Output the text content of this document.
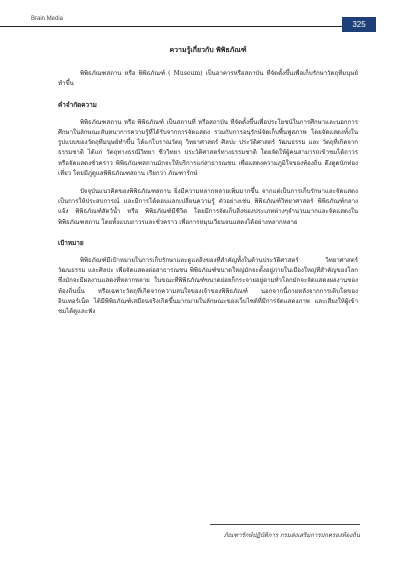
Brain Media
325
ความรู้เกี่ยวกับ พิพิธภัณฑ์

พิพิธภัณฑสถาน หรือ พิพิธภัณฑ์ ( Museum) เป็นอาคารหรือสถาบัน ที่จัดตั้งขึ้นเพื่อเก็บรักษาวัตถุที่มนุษย์ทำขึ้น

คำจำกัดความ

พิพิธภัณฑสถาน หรือ พิพิธภัณฑ์ เป็นสถานที่ หรือสถาบัน ที่จัดตั้งขึ้นเพื่อประโยชน์ในการศึกษาและนอกการศึกษาในลักษณะสันทนาการความรู้ที่ได้รับจากการจัดแสดง รวมกับการอนุรักษ์จัดเก็บพื้นฟูสภาพ โดยจัดแสดงทั้งในรูปแบบของวัตถุที่มนุษย์ทำขึ้น ได้แก่โบราณวัตถุ วิทยาศาสตร์ ศิลปะ ประวัติศาสตร์ วัฒนธรรม และ วัตถุที่เกิดจากธรรมชาติ ได้แก่ วัตถุทางธรณีวิทยา ชีววิทยา ประวัติศาสตร์ทางธรรมชาติ โดยจัดให้ผู้คนสามารถเข้าชมได้ถาวร หรือจัดแสดงชั่วคราว พิพิธภัณฑสถานมักจะให้บริการแก่สาธารณชน เพื่อแสดงความภูมิใจของท้องถิ่น ดึงดูดนักท่องเที่ยว โดยมีภู่ดูแลพิพิธภัณฑสถาน เรียกว่า ภัณฑารักษ์

ปัจจุบันแนวคิดของพิพิธภัณฑสถาน ยิ่งมีความหลากหลายเพิ่มมากขึ้น จากแต่เป็นการเก็บรักษาและจัดแสดง เป็นการให้ประสบการณ์ และมีการโต้ตอบแลกเปลี่ยนความรู้ ตัวอย่างเช่น พิพิธภัณฑ์วิทยาศาสตร์ พิพิธภัณฑ์กลางแจ้ง พิพิธภัณฑ์สัตว์น้ำ หรือ พิพิธภัณฑ์มีชีวิต โดยมีการจัดเก็บสิ่งของประเภทต่างๆจำนวนมากและจัดแสดงในพิพิธภัณฑสถาน โดยทั้งแบบถาวรและชั่วคราว เพื่อการหมุนเวียนจนแสดงได้อย่างหลากหลาย

เป้าหมาย

พิพิธภัณฑ์มีเป้าหมายในการเก็บรักษาและดูแลสิ่งของที่สำคัญทั้งในด้านประวัติศาสตร์ วิทยาศาสตร์ วัฒนธรรม และศิลปะ เพื่อจัดแสดงต่อสาธารณชน พิพิธภัณฑ์ขนาดใหญ่มักจะตั้งอยู่ภายในเมืองใหญ่ที่สำคัญของโลกซึ่งมักจะมีผลงานแสดงที่หลากหลาย ในขณะที่พิพิธภัณฑ์ขนาดย่อยก็กระจายอยู่ตามทั่วโลกมักจะจัดแสดงผลงานของท้องถิ่นนั้น หรือเฉพาะวัตถุที่เกิดจากความสนใจของเจ้าของพิพิธภัณฑ์ นอกจากนี้ภายหลังจากการเติบโตของอินเทอร์เน็ต ได้มีพิพิธภัณฑ์เสมือนจริงเกิดขึ้นมากมายในลักษณะของเว็บไซต์ที่มีการจัดแสดงภาพ และเสียงให้ผู้เข้าชมได้ดูและฟัง

ภัณฑารักษ์ปฏิบัติการ กรมส่งเสริมการปกครองท้องถิ่น
